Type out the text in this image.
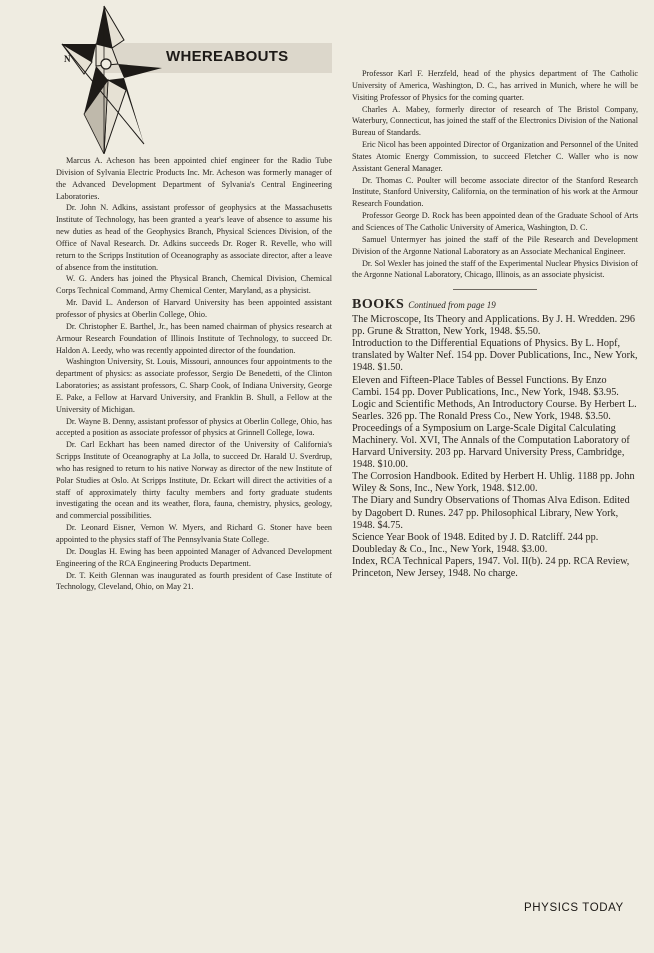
N	WHEREABOUTS

Marcus A. Acheson has been appointed chief engineer for the Radio Tube Division of Sylvania Electric Products Inc. Mr. Acheson was formerly manager of the Advanced Development Department of Sylvania's Central Engineering Laboratories.

Dr. John N. Adkins, assistant professor of geophysics at the Massachusetts Institute of Technology, has been granted a year's leave of absence to assume his new duties as head of the Geophysics Branch, Physical Sciences Division, of the Office of Naval Research. Dr. Adkins succeeds Dr. Roger R. Revelle, who will return to the Scripps Institution of Oceanography as associate director, after a leave of absence from the institution.

W. G. Anders has joined the Physical Branch, Chemical Division, Chemical Corps Technical Command, Army Chemical Center, Maryland, as a physicist.

Mr. David L. Anderson of Harvard University has been appointed assistant professor of physics at Oberlin College, Ohio.

Dr. Christopher E. Barthel, Jr., has been named chairman of physics research at Armour Research Foundation of Illinois Institute of Technology, to succeed Dr. Haldon A. Leedy, who was recently appointed director of the foundation.

Washington University, St. Louis, Missouri, announces four appointments to the department of physics: as associate professor, Sergio De Benedetti, of the Clinton Laboratories; as assistant professors, C. Sharp Cook, of Indiana University, George E. Pake, a Fellow at Harvard University, and Franklin B. Shull, a Fellow at the University of Michigan.

Dr. Wayne B. Denny, assistant professor of physics at Oberlin College, Ohio, has accepted a position as associate professor of physics at Grinnell College, Iowa.

Dr. Carl Eckhart has been named director of the University of California's Scripps Institute of Oceanography at La Jolla, to succeed Dr. Harald U. Sverdrup, who has resigned to return to his native Norway as director of the new Institute of Polar Studies at Oslo. At Scripps Institute, Dr. Eckart will direct the activities of a staff of approximately thirty faculty members and forty graduate students investigating the ocean and its weather, flora, fauna, chemistry, physics, geology, and commercial possibilities.

Dr. Leonard Eisner, Vernon W. Myers, and Richard G. Stoner have been appointed to the physics staff of The Pennsylvania State College.

Dr. Douglas H. Ewing has been appointed Manager of Advanced Development Engineering of the RCA Engineering Products Department.

Dr. T. Keith Glennan was inaugurated as fourth president of Case Institute of Technology, Cleveland, Ohio, on May 21.

Professor Karl F. Herzfeld, head of the physics department of The Catholic University of America, Washington, D. C., has arrived in Munich, where he will be Visiting Professor of Physics for the coming quarter.

Charles A. Mabey, formerly director of research of The Bristol Company, Waterbury, Connecticut, has joined the staff of the Electronics Division of the National Bureau of Standards.

Eric Nicol has been appointed Director of Organization and Personnel of the United States Atomic Energy Commission, to succeed Fletcher C. Waller who is now Assistant General Manager.

Dr. Thomas C. Poulter will become associate director of the Stanford Research Institute, Stanford University, California, on the termination of his work at the Armour Research Foundation.

Professor George D. Rock has been appointed dean of the Graduate School of Arts and Sciences of The Catholic University of America, Washington, D. C.

Samuel Untermyer has joined the staff of the Pile Research and Development Division of the Argonne National Laboratory as an Associate Mechanical Engineer.

Dr. Sol Wexler has joined the staff of the Experimental Nuclear Physics Division of the Argonne National Laboratory, Chicago, Illinois, as an associate physicist.

BOOKS Continued from page 19

The Microscope, Its Theory and Applications. By J. H. Wredden. 296 pp. Grune & Stratton, New York, 1948. $5.50.

Introduction to the Differential Equations of Physics. By L. Hopf, translated by Walter Nef. 154 pp. Dover Publications, Inc., New York, 1948. $1.50.

Eleven and Fifteen-Place Tables of Bessel Functions. By Enzo Cambi. 154 pp. Dover Publications, Inc., New York, 1948. $3.95.

Logic and Scientific Methods, An Introductory Course. By Herbert L. Searles. 326 pp. The Ronald Press Co., New York, 1948. $3.50.

Proceedings of a Symposium on Large-Scale Digital Calculating Machinery. Vol. XVI, The Annals of the Computation Laboratory of Harvard University. 203 pp. Harvard University Press, Cambridge, 1948. $10.00.

The Corrosion Handbook. Edited by Herbert H. Uhlig. 1188 pp. John Wiley & Sons, Inc., New York, 1948. $12.00.

The Diary and Sundry Observations of Thomas Alva Edison. Edited by Dagobert D. Runes. 247 pp. Philosophical Library, New York, 1948. $4.75.

Science Year Book of 1948. Edited by J. D. Ratcliff. 244 pp. Doubleday & Co., Inc., New York, 1948. $3.00.

Index, RCA Technical Papers, 1947. Vol. II(b). 24 pp. RCA Review, Princeton, New Jersey, 1948. No charge.

PHYSICS TODAY
